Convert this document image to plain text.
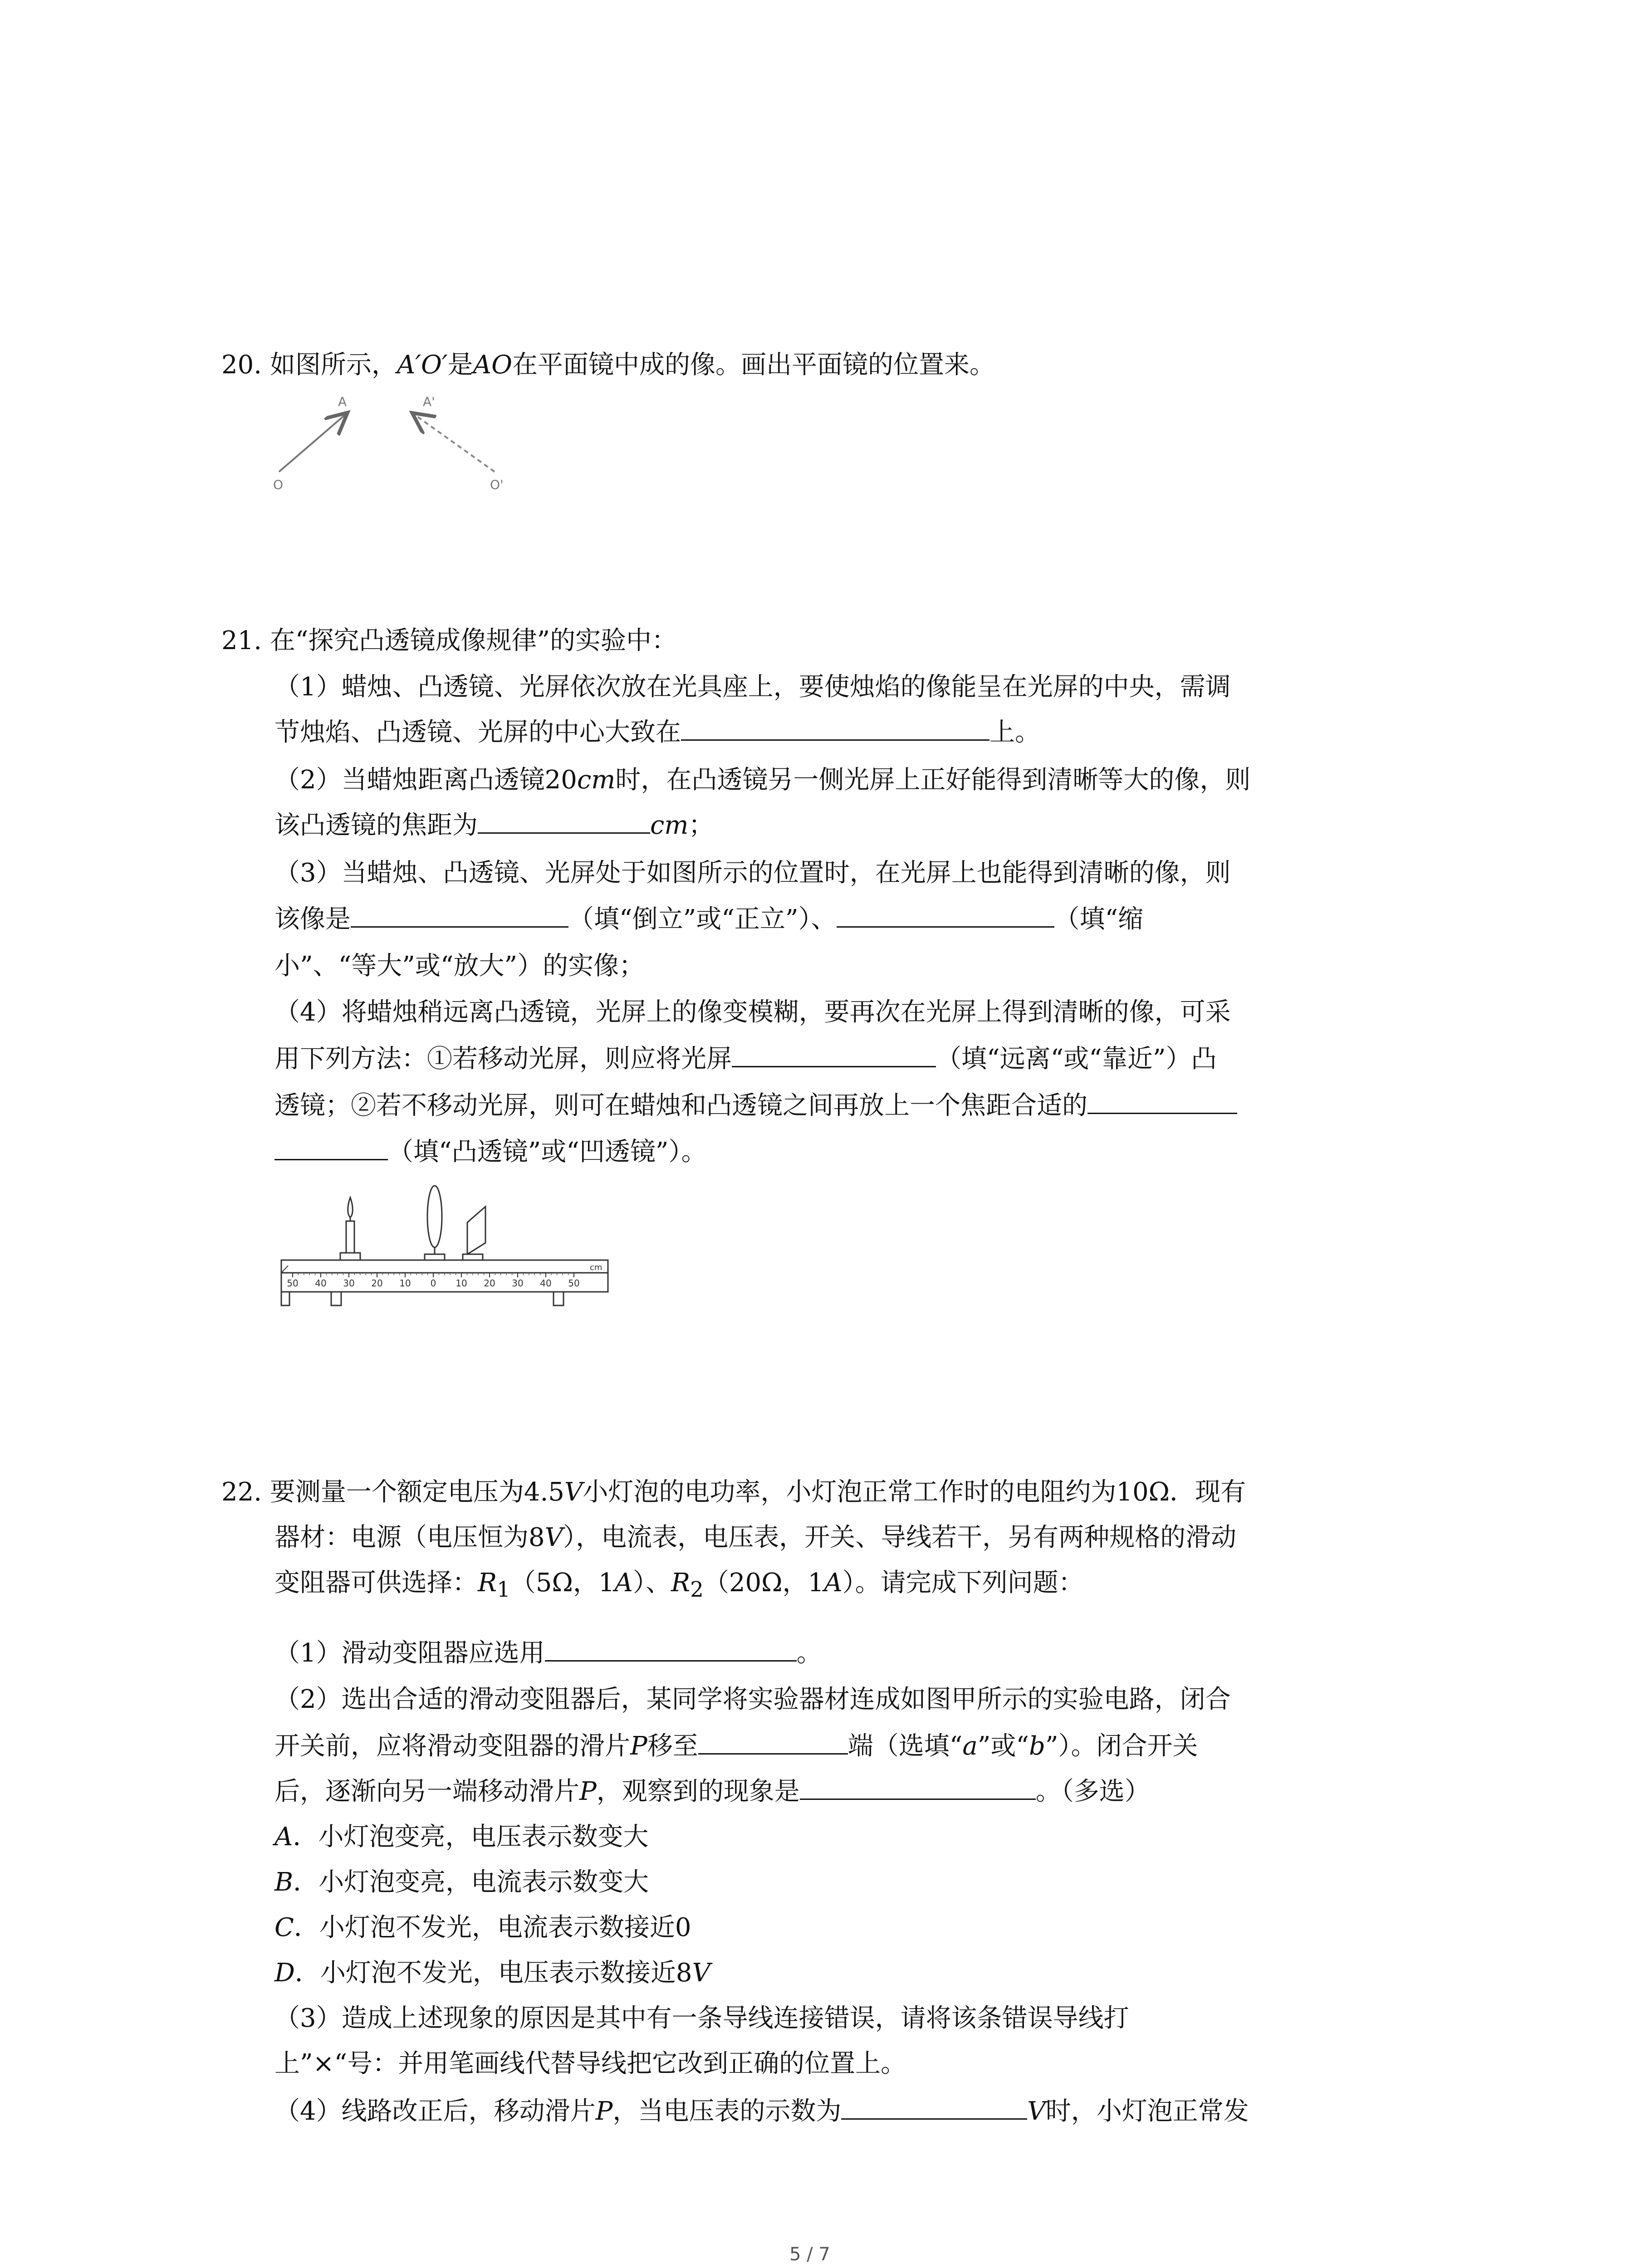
20. 如图所示，A′O′是AO在平面镜中成的像。画出平面镜的位置来。
A
O
A'
O'
21. 在“探究凸透镜成像规律”的实验中：
（1）蜡烛、凸透镜、光屏依次放在光具座上，要使烛焰的像能呈在光屏的中央，需调
节烛焰、凸透镜、光屏的中心大致在	上。
（2）当蜡烛距离凸透镜20cm时，在凸透镜另一侧光屏上正好能得到清晰等大的像，则
该凸透镜的焦距为	cm；
（3）当蜡烛、凸透镜、光屏处于如图所示的位置时，在光屏上也能得到清晰的像，则
该像是	（填“倒立”或“正立”）、	（填“缩
小”、“等大”或“放大”）的实像；
（4）将蜡烛稍远离凸透镜，光屏上的像变模糊，要再次在光屏上得到清晰的像，可采
用下列方法：①若移动光屏，则应将光屏	（填“远离“或“靠近”）凸
透镜；②若不移动光屏，则可在蜡烛和凸透镜之间再放上一个焦距合适的
（填“凸透镜”或“凹透镜”）。
cm
50 40 30 20 10 0 10 20 30 40 50
22. 要测量一个额定电压为4.5V小灯泡的电功率，小灯泡正常工作时的电阻约为10Ω．现有
器材：电源（电压恒为8V），电流表，电压表，开关、导线若干，另有两种规格的滑动
变阻器可供选择：$R_1(5\Omega$，1A）、$R_2(20\Omega$，1A）。请完成下列问题：
（1）滑动变阻器应选用	。
（2）选出合适的滑动变阻器后，某同学将实验器材连成如图甲所示的实验电路，闭合
开关前，应将滑动变阻器的滑片P移至	端（选填“a”或“b”）。闭合开关
后，逐渐向另一端移动滑片P，观察到的现象是	。（多选）
A．小灯泡变亮，电压表示数变大
B．小灯泡变亮，电流表示数变大
C．小灯泡不发光，电流表示数接近0
D．小灯泡不发光，电压表示数接近8V
（3）造成上述现象的原因是其中有一条导线连接错误，请将该条错误导线打
上”×“号：并用笔画线代替导线把它改到正确的位置上。
（4）线路改正后，移动滑片P，当电压表的示数为	V时，小灯泡正常发
5 / 7
